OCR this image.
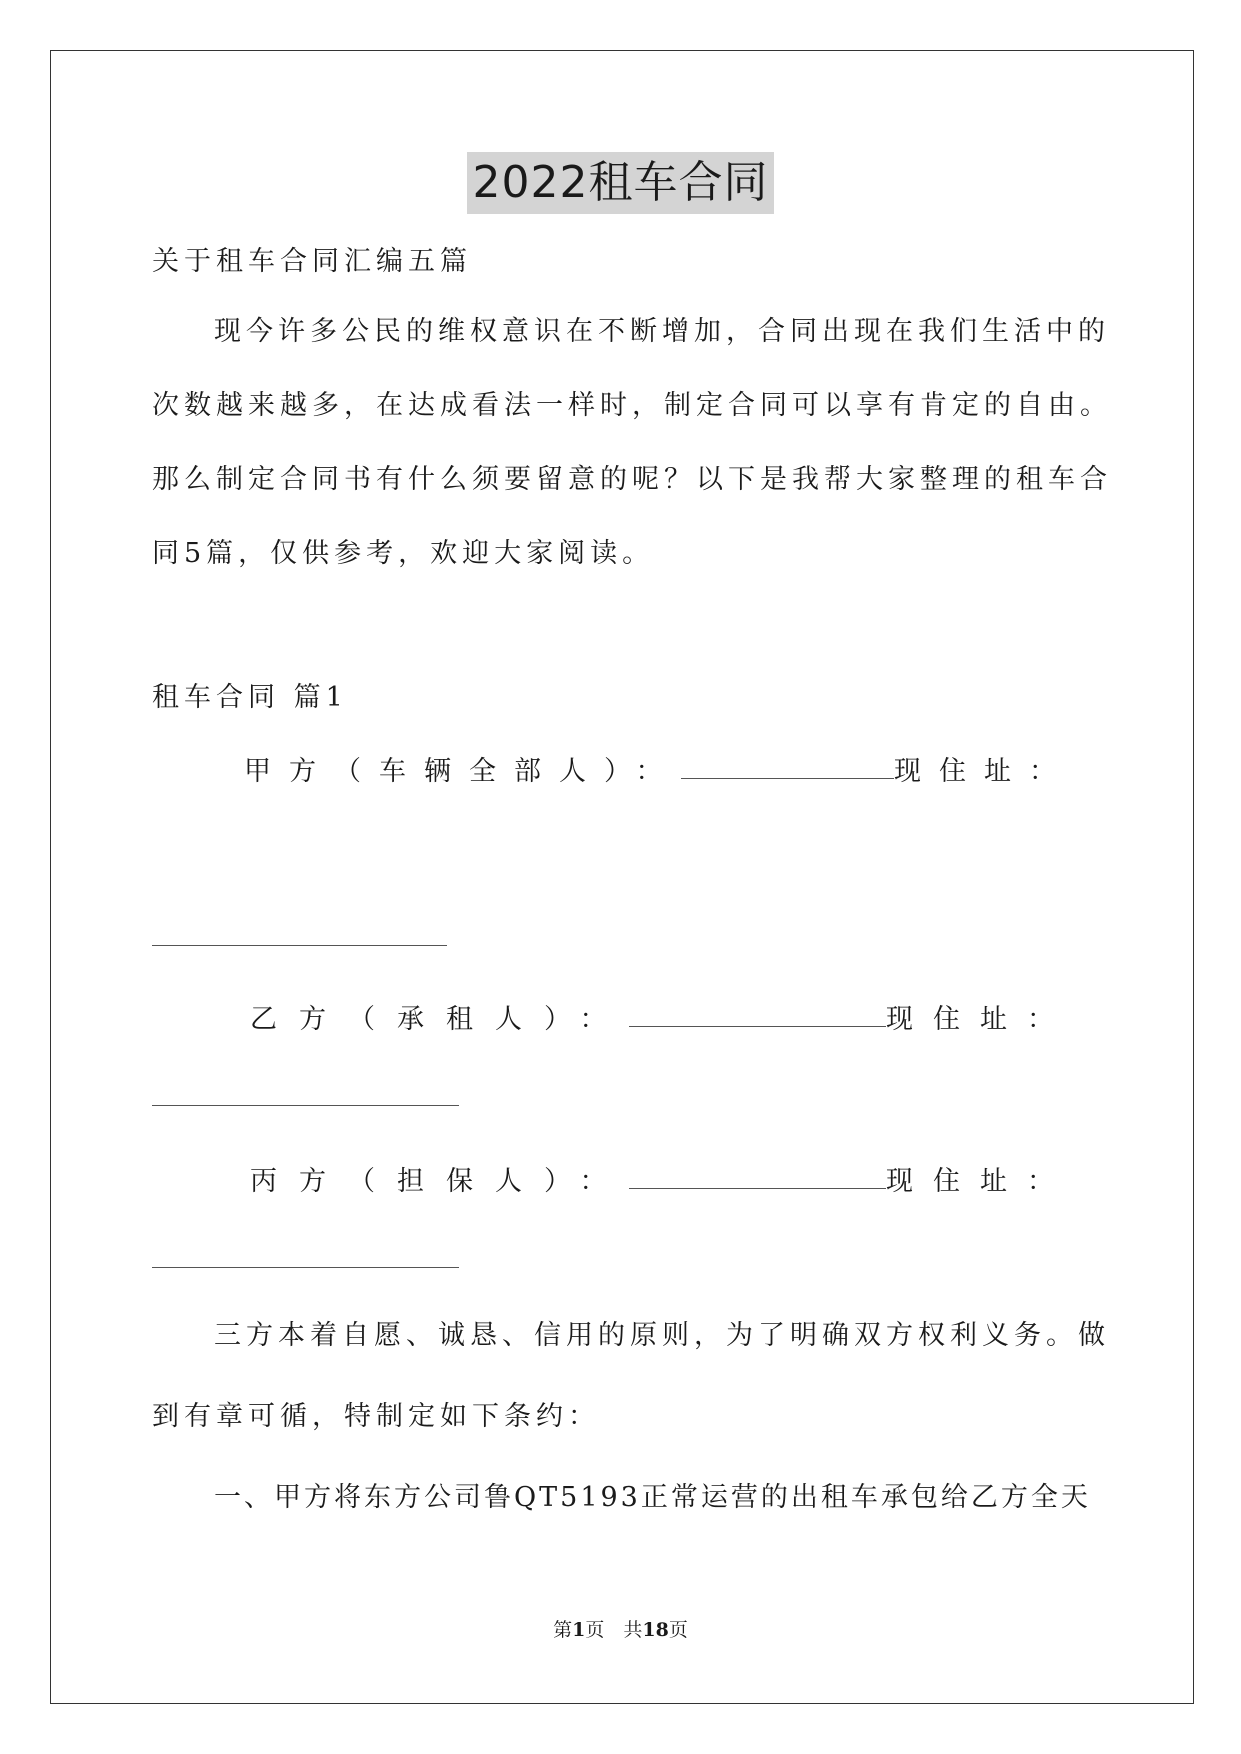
2022租车合同
关于租车合同汇编五篇
现今许多公民的维权意识在不断增加，合同出现在我们生活中的
次数越来越多，在达成看法一样时，制定合同可以享有肯定的自由。
那么制定合同书有什么须要留意的呢？以下是我帮大家整理的租车合
同5篇，仅供参考，欢迎大家阅读。
租车合同 篇1
甲方（车辆全部人）：	现住址：
乙方（承租人）：	现住址：
丙方（担保人）：	现住址：
三方本着自愿、诚恳、信用的原则，为了明确双方权利义务。做
到有章可循，特制定如下条约：
一、甲方将东方公司鲁QT5193正常运营的出租车承包给乙方全天
第1页　共18页
